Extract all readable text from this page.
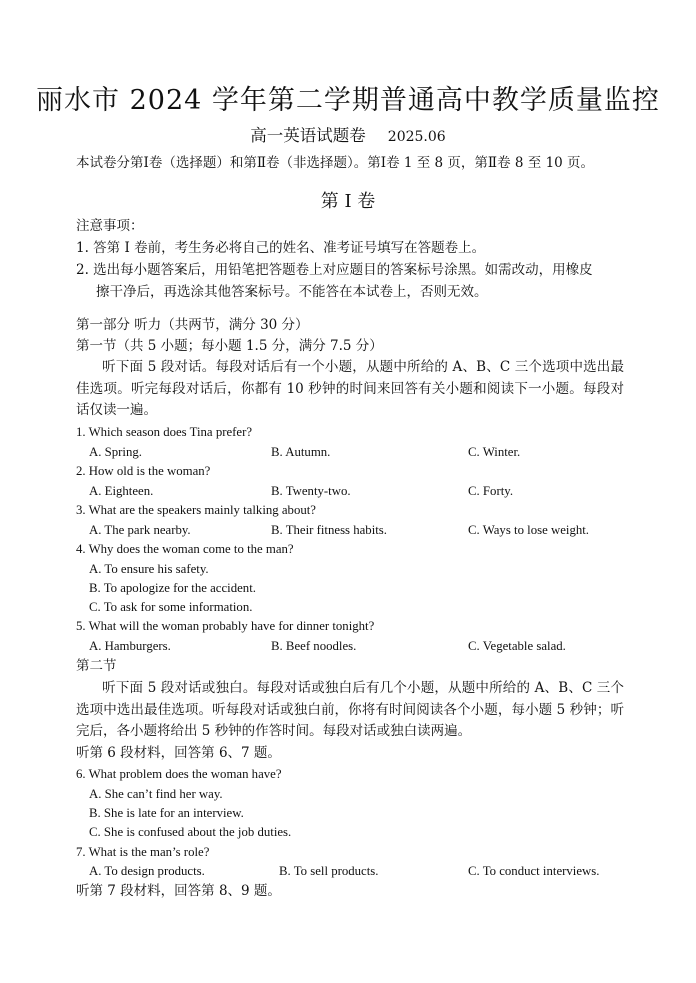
丽水市 2024 学年第二学期普通高中教学质量监控
高一英语试题卷 2025.06
本试卷分第Ⅰ卷（选择题）和第Ⅱ卷（非选择题）。第Ⅰ卷 1 至 8 页，第Ⅱ卷 8 至 10 页。
第 Ⅰ 卷
注意事项：
1. 答第 Ⅰ 卷前，考生务必将自己的姓名、准考证号填写在答题卷上。
2. 选出每小题答案后，用铅笔把答题卷上对应题目的答案标号涂黑。如需改动，用橡皮
擦干净后，再选涂其他答案标号。不能答在本试卷上，否则无效。
第一部分 听力（共两节，满分 30 分）
第一节（共 5 小题；每小题 1.5 分，满分 7.5 分）
听下面 5 段对话。每段对话后有一个小题，从题中所给的 A、B、C 三个选项中选出最佳选项。听完每段对话后，你都有 10 秒钟的时间来回答有关小题和阅读下一小题。每段对话仅读一遍。
1. Which season does Tina prefer?
A. Spring.	B. Autumn.	C. Winter.
2. How old is the woman?
A. Eighteen.	B. Twenty-two.	C. Forty.
3. What are the speakers mainly talking about?
A. The park nearby.	B. Their fitness habits.	C. Ways to lose weight.
4. Why does the woman come to the man?
A. To ensure his safety.
B. To apologize for the accident.
C. To ask for some information.
5. What will the woman probably have for dinner tonight?
A. Hamburgers.	B. Beef noodles.	C. Vegetable salad.
第二节
听下面 5 段对话或独白。每段对话或独白后有几个小题，从题中所给的 A、B、C 三个选项中选出最佳选项。听每段对话或独白前，你将有时间阅读各个小题，每小题 5 秒钟；听完后，各小题将给出 5 秒钟的作答时间。每段对话或独白读两遍。
听第 6 段材料，回答第 6、7 题。
6. What problem does the woman have?
A. She can’t find her way.
B. She is late for an interview.
C. She is confused about the job duties.
7. What is the man’s role?
A. To design products.	B. To sell products.	C. To conduct interviews.
听第 7 段材料，回答第 8、9 题。
